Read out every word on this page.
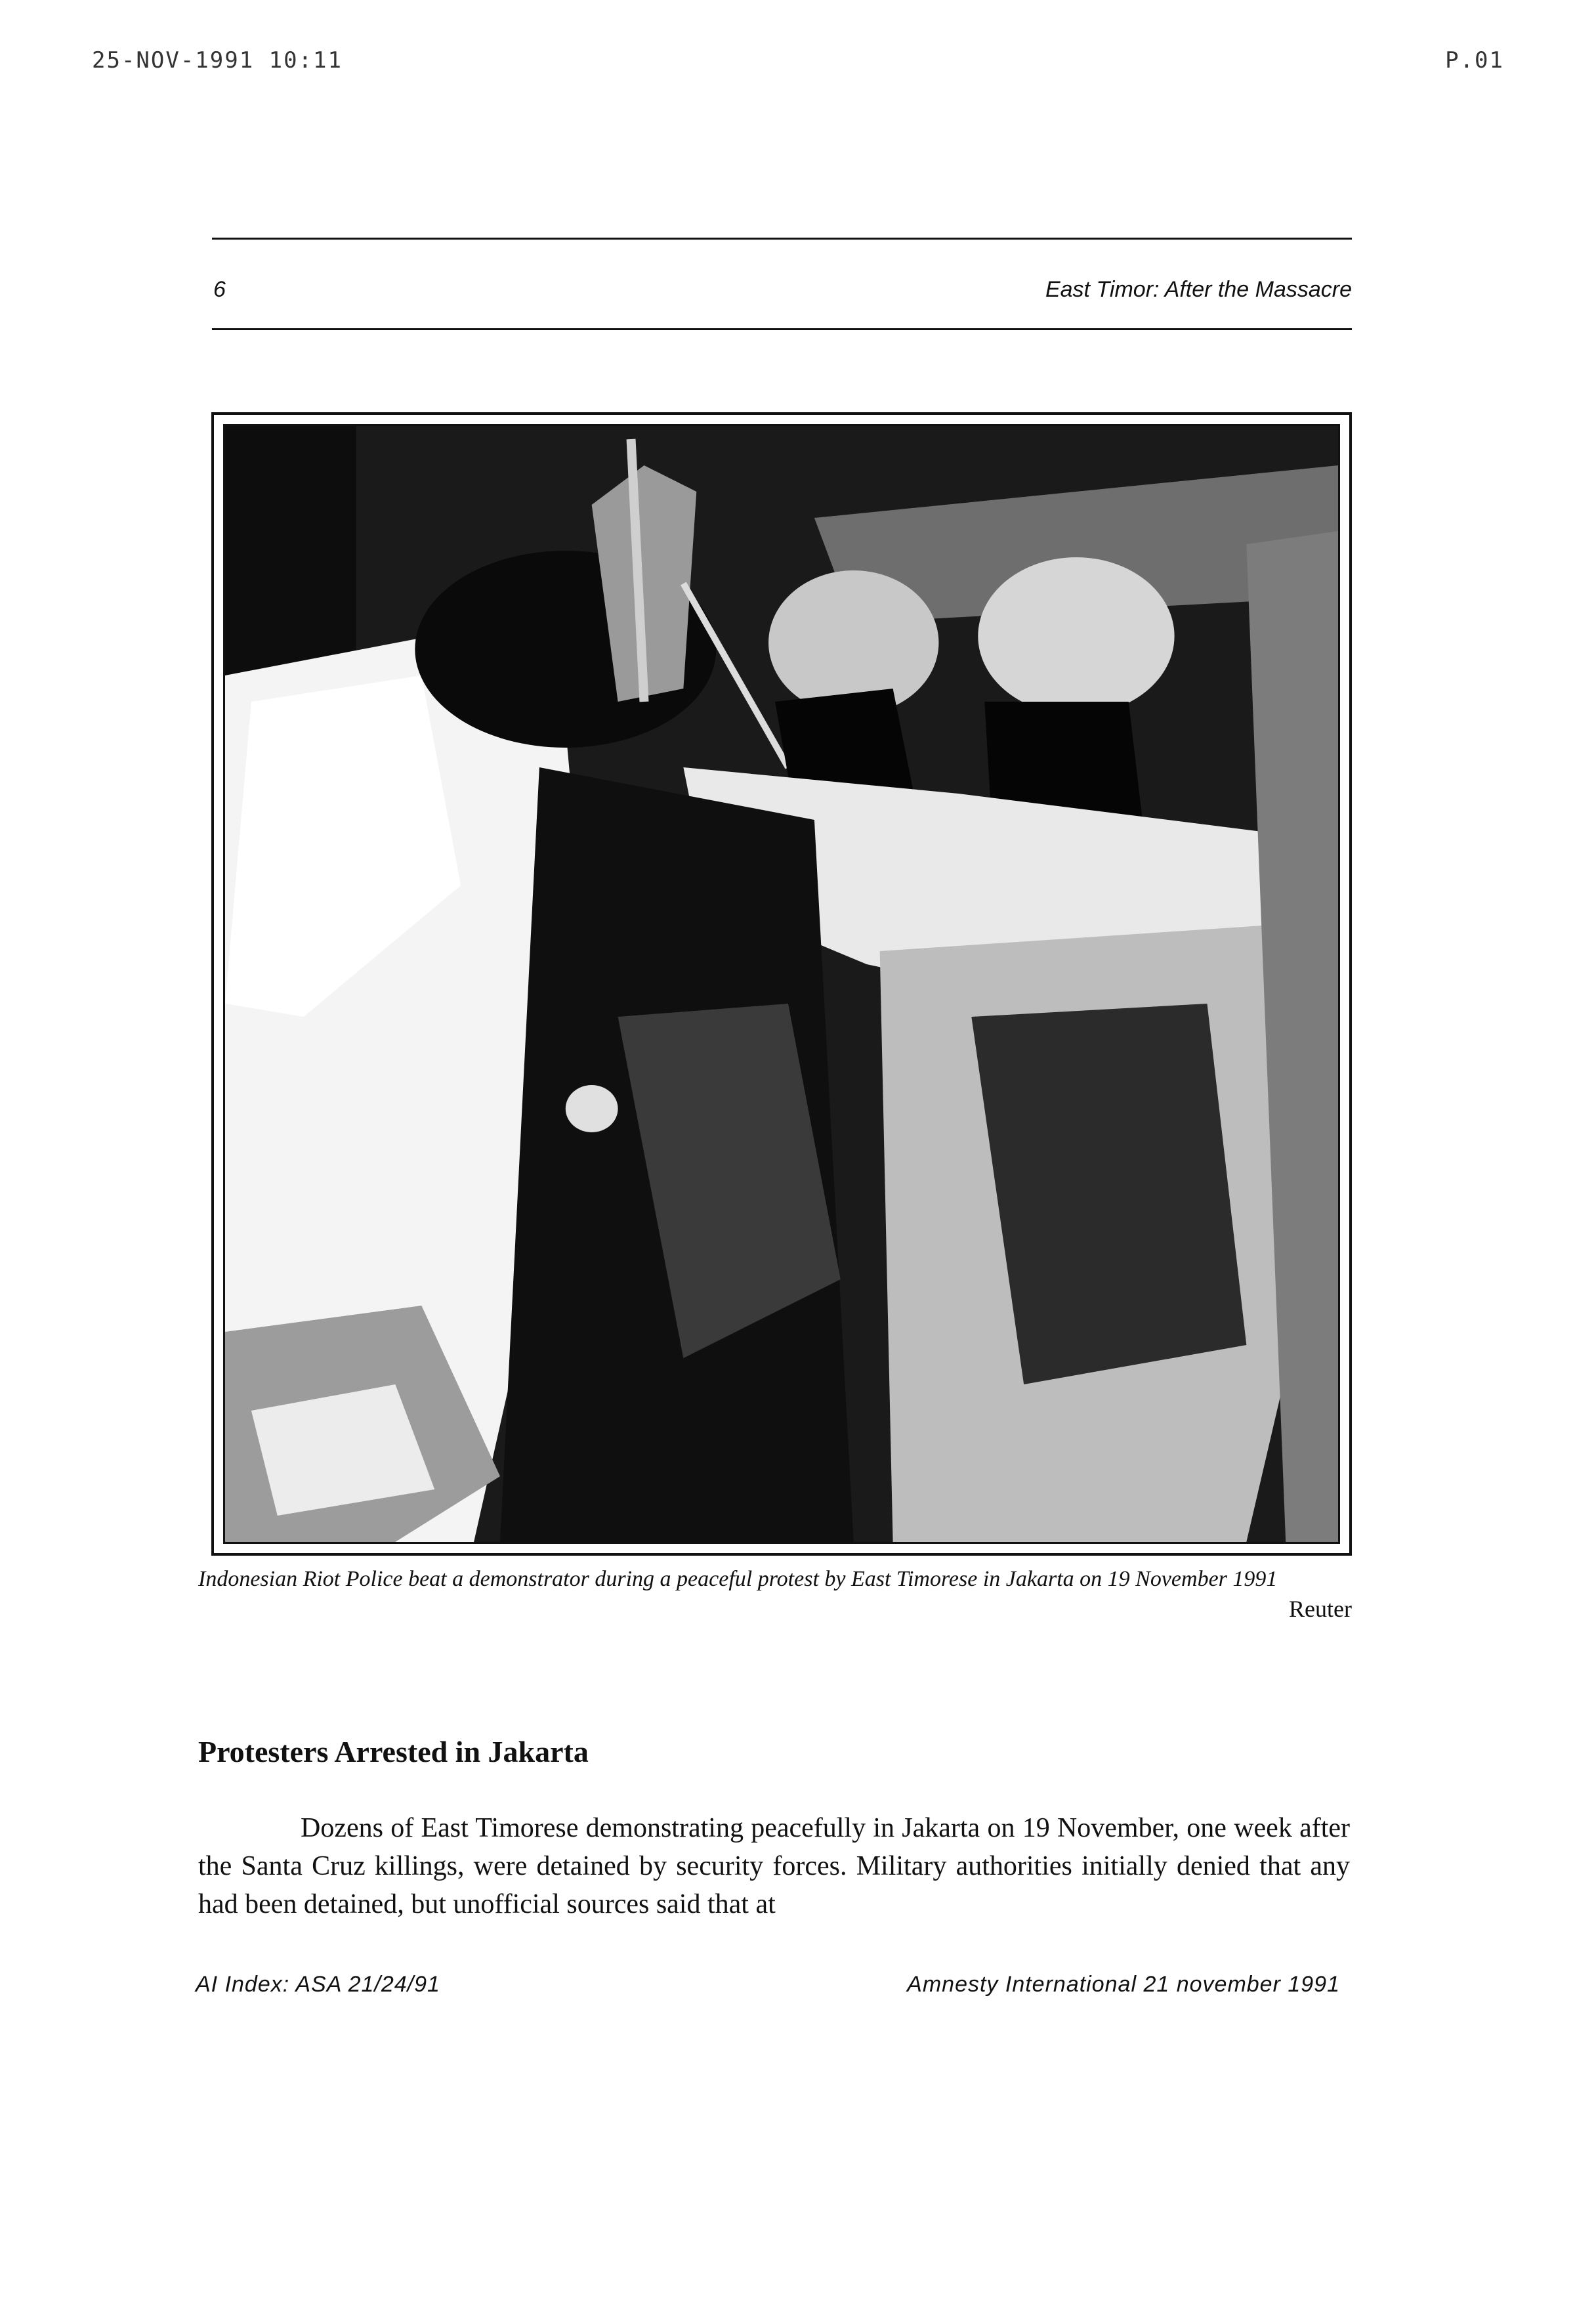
25-NOV-1991 10:11	P.01
6	East Timor: After the Massacre
Indonesian Riot Police beat a demonstrator during a peaceful protest by East Timorese in Jakarta on 19 November 1991
Reuter
Protesters Arrested in Jakarta

Dozens of East Timorese demonstrating peacefully in Jakarta on 19 November, one week after the Santa Cruz killings, were detained by security forces. Military authorities initially denied that any had been detained, but unofficial sources said that at

AI Index: ASA 21/24/91	Amnesty International 21 november 1991
